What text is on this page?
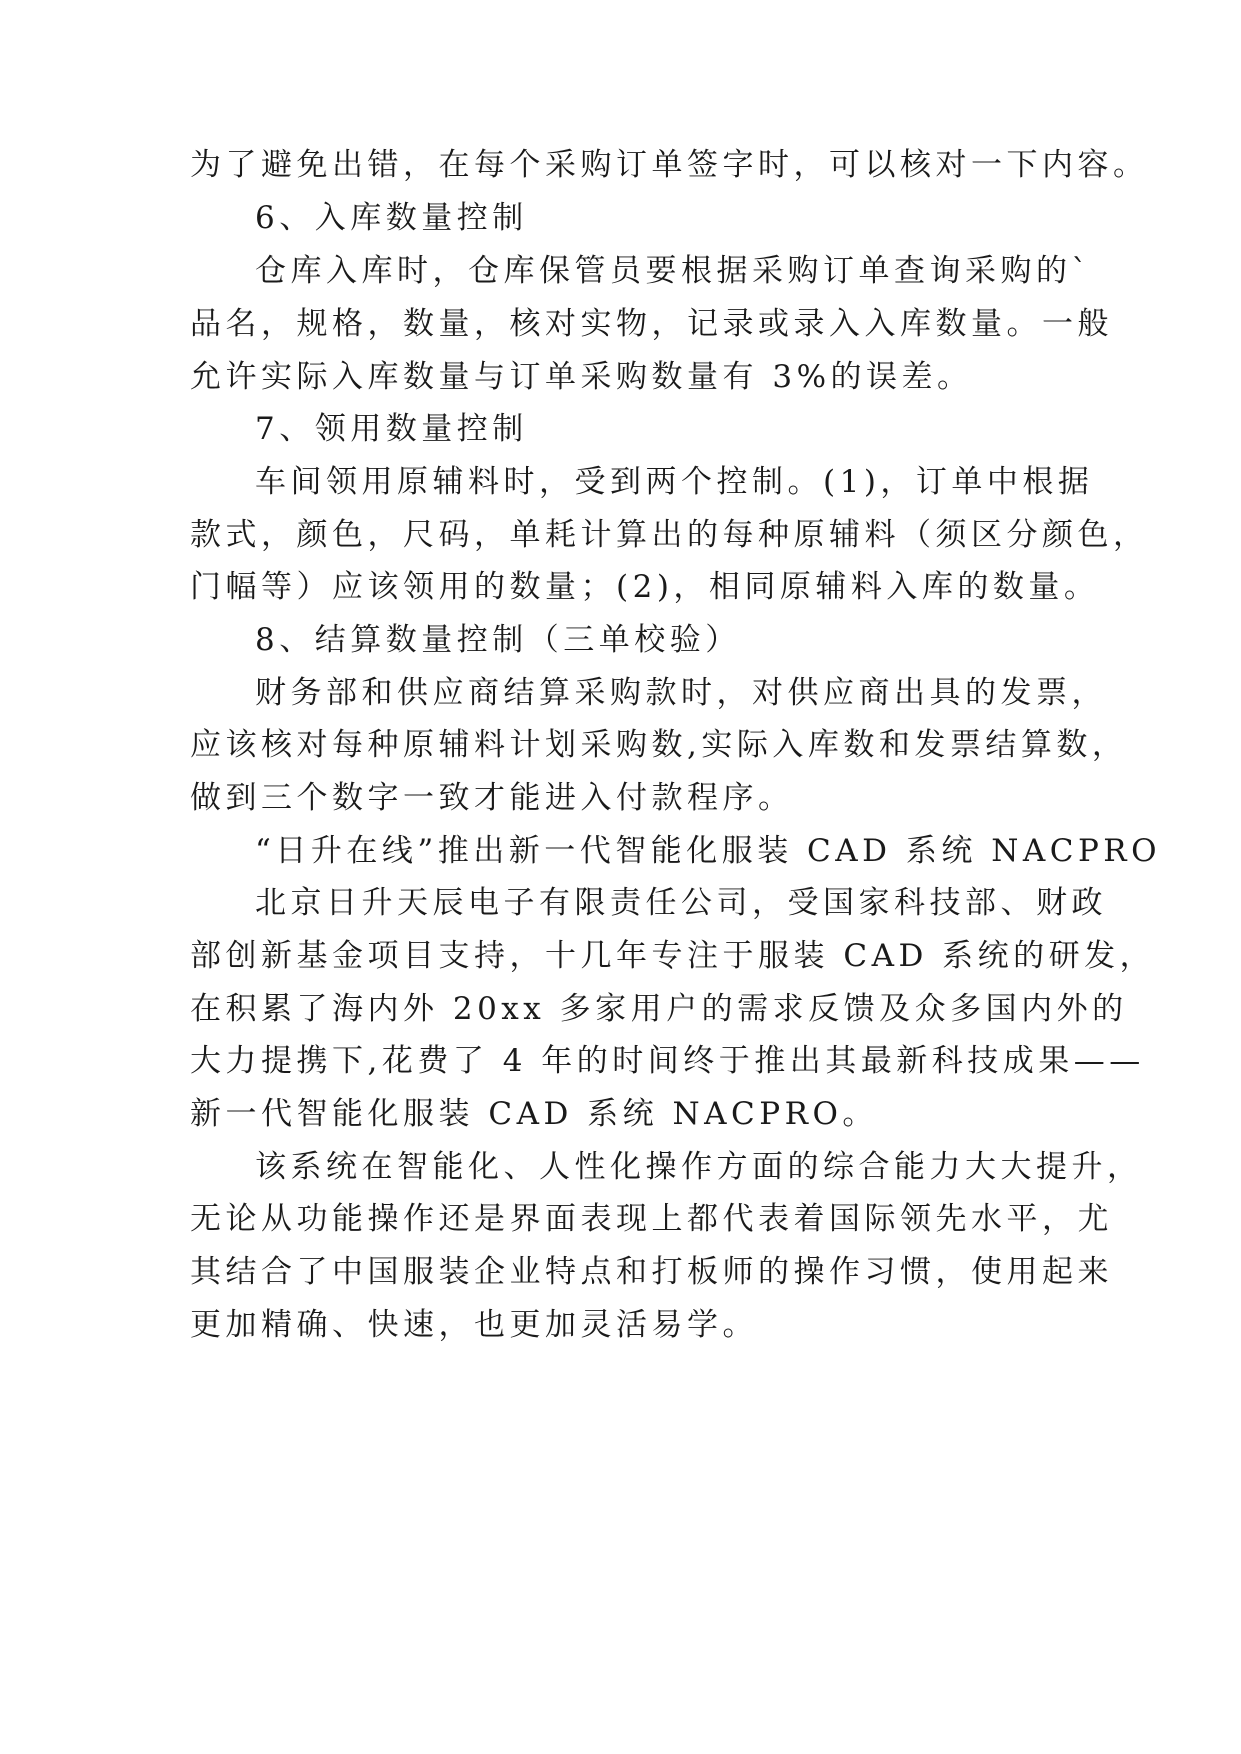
为了避免出错，在每个采购订单签字时，可以核对一下内容。
6、入库数量控制
仓库入库时，仓库保管员要根据采购订单查询采购的`
品名，规格，数量，核对实物，记录或录入入库数量。一般
允许实际入库数量与订单采购数量有 3%的误差。
7、领用数量控制
车间领用原辅料时，受到两个控制。(1)，订单中根据
款式，颜色，尺码，单耗计算出的每种原辅料（须区分颜色，
门幅等）应该领用的数量；(2)，相同原辅料入库的数量。
8、结算数量控制（三单校验）
财务部和供应商结算采购款时，对供应商出具的发票，
应该核对每种原辅料计划采购数,实际入库数和发票结算数，
做到三个数字一致才能进入付款程序。
“日升在线”推出新一代智能化服装 CAD 系统 NACPRO
北京日升天辰电子有限责任公司，受国家科技部、财政
部创新基金项目支持，十几年专注于服装 CAD 系统的研发，
在积累了海内外 20xx 多家用户的需求反馈及众多国内外的
大力提携下,花费了 4 年的时间终于推出其最新科技成果——
新一代智能化服装 CAD 系统 NACPRO。
该系统在智能化、人性化操作方面的综合能力大大提升，
无论从功能操作还是界面表现上都代表着国际领先水平，尤
其结合了中国服装企业特点和打板师的操作习惯，使用起来
更加精确、快速，也更加灵活易学。
